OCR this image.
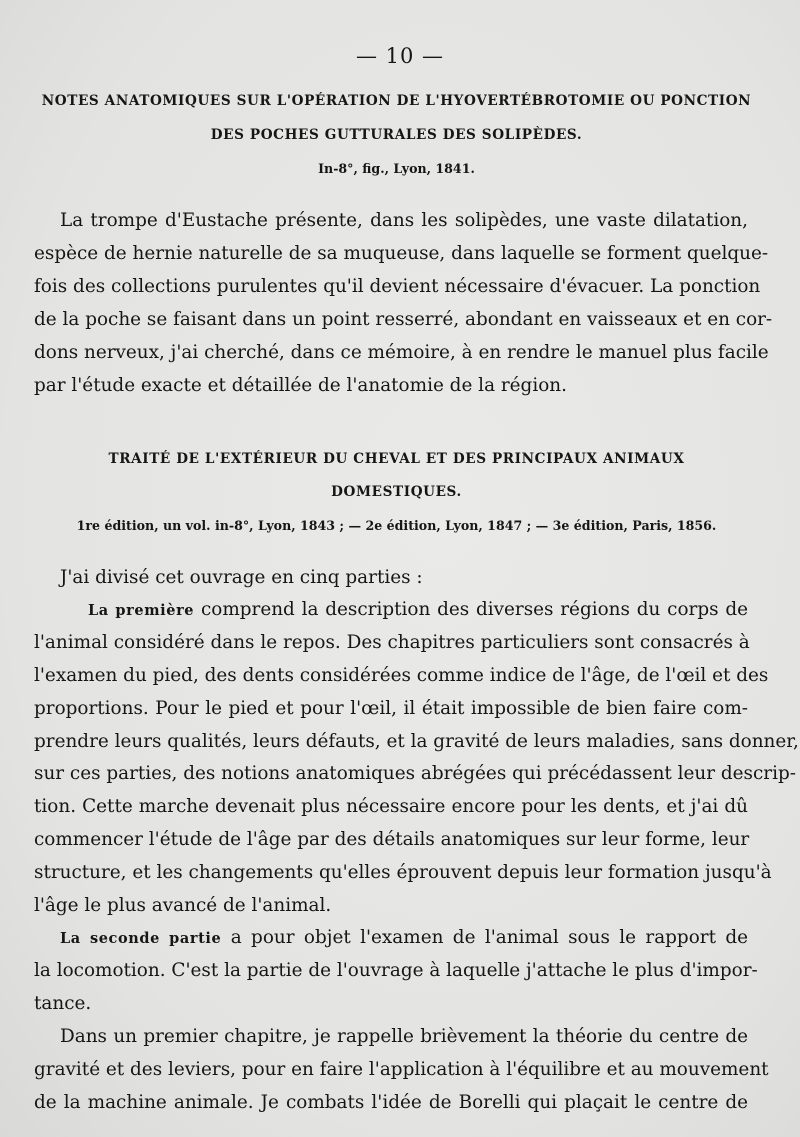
— 10 —
NOTES ANATOMIQUES SUR L'OPÉRATION DE L'HYOVERTÉBROTOMIE OU PONCTION
DES POCHES GUTTURALES DES SOLIPÈDES.
In-8°, fig., Lyon, 1841.
La trompe d'Eustache présente, dans les solipèdes, une vaste dilatation,
espèce de hernie naturelle de sa muqueuse, dans laquelle se forment quelque-
fois des collections purulentes qu'il devient nécessaire d'évacuer. La ponction
de la poche se faisant dans un point resserré, abondant en vaisseaux et en cor-
dons nerveux, j'ai cherché, dans ce mémoire, à en rendre le manuel plus facile
par l'étude exacte et détaillée de l'anatomie de la région.
TRAITÉ DE L'EXTÉRIEUR DU CHEVAL ET DES PRINCIPAUX ANIMAUX
DOMESTIQUES.
1re édition, un vol. in-8°, Lyon, 1843 ; — 2e édition, Lyon, 1847 ; — 3e édition, Paris, 1856.
J'ai divisé cet ouvrage en cinq parties :
La première comprend la description des diverses régions du corps de
l'animal considéré dans le repos. Des chapitres particuliers sont consacrés à
l'examen du pied, des dents considérées comme indice de l'âge, de l'œil et des
proportions. Pour le pied et pour l'œil, il était impossible de bien faire com-
prendre leurs qualités, leurs défauts, et la gravité de leurs maladies, sans donner,
sur ces parties, des notions anatomiques abrégées qui précédassent leur descrip-
tion. Cette marche devenait plus nécessaire encore pour les dents, et j'ai dû
commencer l'étude de l'âge par des détails anatomiques sur leur forme, leur
structure, et les changements qu'elles éprouvent depuis leur formation jusqu'à
l'âge le plus avancé de l'animal.
La seconde partie a pour objet l'examen de l'animal sous le rapport de
la locomotion. C'est la partie de l'ouvrage à laquelle j'attache le plus d'impor-
tance.
Dans un premier chapitre, je rappelle brièvement la théorie du centre de
gravité et des leviers, pour en faire l'application à l'équilibre et au mouvement
de la machine animale. Je combats l'idée de Borelli qui plaçait le centre de
